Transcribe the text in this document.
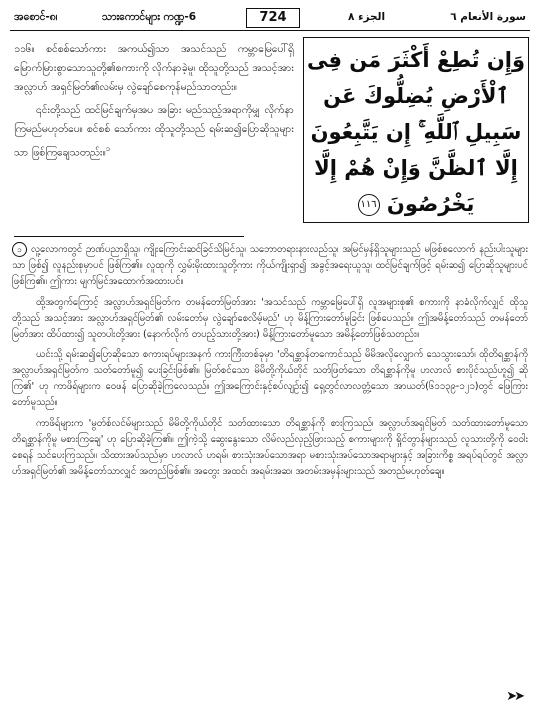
အစောင်-၈၊	သားကောင်များ ကဏ္ဍ-6	724	الجزء ٨	سورة الأنعام ٦
وَإِن تُطِعْ أَكْثَرَ مَن فِى
ٱلْأَرْضِ يُضِلُّوكَ عَن
سَبِيلِ ٱللَّهِ ۚ إِن يَتَّبِعُونَ
إِلَّا ٱلظَّنَّ وَإِنْ هُمْ إِلَّا
يَخْرُصُونَ ١١٦

၁၁၆။ စင်စစ်သော်ကား အကယ်၍သာ အသင်သည် ကမ္ဘာမြေပေါ်ရှိ မြောက်မြားစွာသောသူတို့၏စကားကို လိုက်နာခဲ့မူ၊ ထိုသူတို့သည် အသင့်အား အလ္လာဟ် အရှင်မြတ်၏လမ်းမှ လွဲချော်စေကုန်မည်သာတည်း။

၎င်းတို့သည် ထင်မြင်ချက်မှအပ အခြား မည်သည့်အရာကိုမျှ လိုက်နာကြမည်မဟုတ်ပေ။ စင်စစ် သော်ကား ထိုသူတို့သည် ရမ်းဆ၍ပြောဆိုသူများသာ ဖြစ်ကြချေသတည်း။$^၁$

၁ လူ့လောကတွင် ဉာဏ်ပညာရှိသူ၊ ကျိုးကြောင်းဆင်ခြင်သိမြင်သူ၊ သဘောတရားနားလည်သူ၊ အမြင်မှန်ရှိသူများသည် မဖြစ်စလောက် နည်းပါးသူများသာ ဖြစ်၍ လူနည်းစုမှာပင် ဖြစ်ကြ၏။ လူထုကို လွှမ်းမိုးထားသူတို့ကား ကိုယ်ကျိုးရှာ၍ အခွင့်အရေးယူသူ၊ ထင်မြင်ချက်ဖြင့် ရမ်းဆ၍ ပြောဆိုသူများပင် ဖြစ်ကြ၏။ ဤကား မျက်မြင်အထောက်အထားပင်။

ထို့အတွက်ကြောင့် အလ္လာဟ်အရှင်မြတ်က တမန်တော်မြတ်အား 'အသင်သည် ကမ္ဘာမြေပေါ်ရှိ လူအများစု၏ စကားကို နာခံလိုက်လျှင် ထိုသူတို့သည် အသင့်အား အလ္လာဟ်အရှင်မြတ်၏ လမ်းတော်မှ လွဲချော်စေလိမ့်မည်' ဟု မိန့်ကြားတော်မူခြင်း ဖြစ်ပေသည်။ ဤအမိန့်တော်သည် တမန်တော်မြတ်အား ထိပ်ထား၍ သူတပါးတို့အား (နောက်လိုက် တပည့်သားတို့အား) မိန့်ကြားတော်မူသော အမိန့်တော်ဖြစ်သတည်း။

ယင်းသို့ ရမ်းဆ၍ပြောဆိုသော စကားရပ်များအနက် ကားကြီးတစ်ခုမှာ 'တိရစ္ဆာန်တကောင်သည် မိမိအလိုလျှောက် သေသွားသော်၊ ထိုတိရစ္ဆာန်ကို အလ္လာဟ်အရှင်မြတ်က သတ်တော်မူ၍ ပေးခြင်းဖြစ်၏။ မြတ်စင်သော မိမိတို့ကိုယ်တိုင် သတ်ဖြတ်သော တိရစ္ဆာန်ကိုမူ ဟလာလ် စားပိုင်သည်ဟူ၍ ဆိုကြ၏' ဟု ကာဖိရ်များက ဝေဖန် ပြောဆိုခဲ့ကြလေသည်။ ဤအကြောင်းနှင့်စပ်လျဉ်း၍ ရှေ့တွင်လာလတ္တံ့သော အာယတ်(၆၁၁၃၉-၁၂၁)တွင် ဖြေကြားတော်မူသည်။

ကာဖိရ်များက 'မွတ်စ်လင်မ်များသည် မိမိတို့ကိုယ်တိုင် သတ်ထားသော တိရစ္ဆာန်ကို စားကြသည်၊ အလ္လာဟ်အရှင်မြတ် သတ်ထားတော်မူသော တိရစ္ဆာန်ကိုမူ မစားကြချေ' ဟု ပြောဆိုခဲ့ကြ၏။ ဤကဲ့သို့ ဆွေးနွေးသော လိမ်လည်လှည့်ဖြားသည့် စကားများကို ရှိုင်တွာန်များသည် လူသားတို့ကို ဝေဝါးစေရန် သင်ပေးကြသည်။ သိထားအပ်သည်မှာ ဟလာလ် ဟရမ်၊ စားသုံးအပ်သောအရာ မစားသုံးအပ်သောအရာများနှင့် အခြားကိစ္စ အရပ်ရပ်တွင် အလ္လာဟ်အရှင်မြတ်၏ အမိန့်တော်သာလျှင် အတည်ဖြစ်၏။ အတွေး အထင်၊ အရမ်းအဆ၊ အတမ်းအမှန်းများသည် အတည်မဟုတ်ချေ။

➤➤
